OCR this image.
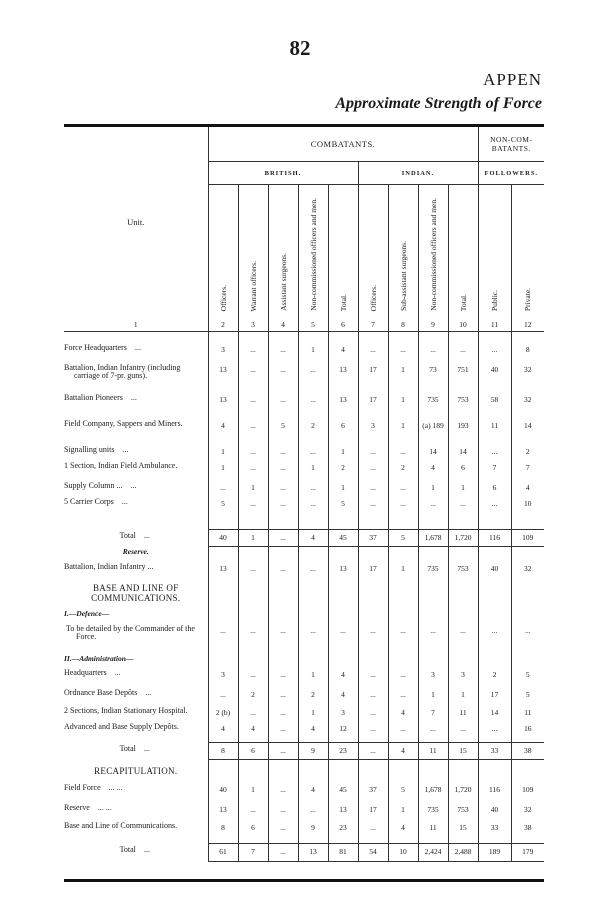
82
APPEN
Approximate Strength of Force
Unit.	COMBATANTS.									NON-COM-BATANTS.	
	BRITISH.					INDIAN.				FOLLOWERS.	
	Officers.	Warrant officers.	Assistant surgeons.	Non-commissioned officers and men.	Total.	Officers.	Sub-assistant surgeons.	Non-commissioned officers and men.	Total.	Public.	Private.
1	2	3	4	5	6	7	8	9	10	11	12

Force Headquarters ...	3	...	...	1	4	...	...	...	...	...	8

Battalion, Indian Infantry (including carriage of 7-pr. guns).	13	...	...	...	13	17	1	73	751	40	32

Battalion Pioneers ...	13	...	...	...	13	17	1	735	753	58	32

Field Company, Sappers and Miners.	4	...	5	2	6	3	1	(a) 189	193	11	14

Signalling units ...	1	...	...	...	1	...	...	14	14	...	2

1 Section, Indian Field Ambulance.	1	...	...	1	2	...	2	4	6	7	7

Supply Column ... ...	...	1	...	...	1	...	...	1	1	6	4

5 Carrier Corps ...	5	...	...	...	5	...	...	...	...	...	10

Total ...	40	1	...	4	45	37	5	1,678	1,720	116	109

Reserve.

Battalion, Indian Infantry ...	13	...	...	...	13	17	1	735	753	40	32
BASE AND LINE OF COMMUNICATIONS.											
I.—Defence—											

To be detailed by the Commander of the Force.	...	...	...	...	...	...	...	...	...	...	...
II.—Administration—											

Headquarters ...	3	...	...	1	4	...	...	3	3	2	5

Ordnance Base Depôts ...	...	2	...	2	4	...	...	1	1	17	5

2 Sections, Indian Stationary Hospital.	2 (b)	...	...	1	3	...	4	7	11	14	11

Advanced and Base Supply Depôts.	4	4	...	4	12	...	...	...	...	...	16

Total ...	8	6	...	9	23	...	4	11	15	33	38
RECAPITULATION.											

Field Force ... ...	40	1	...	4	45	37	5	1,678	1,720	116	109

Reserve ... ...	13	...	...	...	13	17	1	735	753	40	32

Base and Line of Communications.	8	6	...	9	23	...	4	11	15	33	38

Total ...	61	7	...	13	81	54	10	2,424	2,488	189	179
